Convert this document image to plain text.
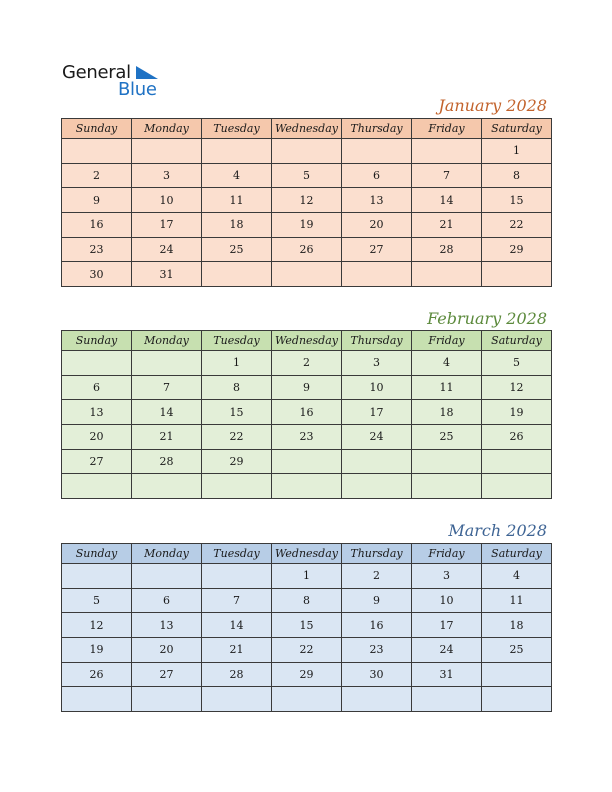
General
Blue
January 2028
Sunday	Monday	Tuesday	Wednesday	Thursday	Friday	Saturday
						1
2	3	4	5	6	7	8
9	10	11	12	13	14	15
16	17	18	19	20	21	22
23	24	25	26	27	28	29
30	31					
February 2028
Sunday	Monday	Tuesday	Wednesday	Thursday	Friday	Saturday
		1	2	3	4	5
6	7	8	9	10	11	12
13	14	15	16	17	18	19
20	21	22	23	24	25	26
27	28	29				

March 2028
Sunday	Monday	Tuesday	Wednesday	Thursday	Friday	Saturday
			1	2	3	4
5	6	7	8	9	10	11
12	13	14	15	16	17	18
19	20	21	22	23	24	25
26	27	28	29	30	31	
